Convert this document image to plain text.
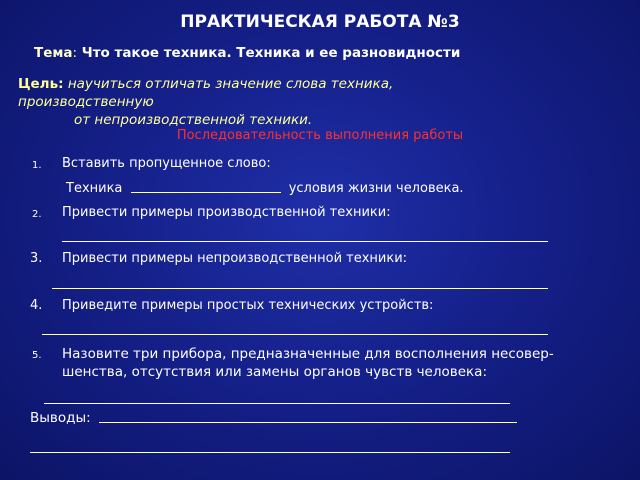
ПРАКТИЧЕСКАЯ РАБОТА №3
Тема: Что такое техника. Техника и ее разновидности
Цель: научиться отличать значение слова техника,
производственную
от непроизводственной техники.
Последовательность выполнения работы
1. Вставить пропущенное слово:
Техника	условия жизни человека.
2. Привести примеры производственной техники:
3. Привести примеры непроизводственной техники:
4. Приведите примеры простых технических устройств:
5. Назовите три прибора, предназначенные для восполнения несовер-
шенства, отсутствия или замены органов чувств человека:
Выводы:
